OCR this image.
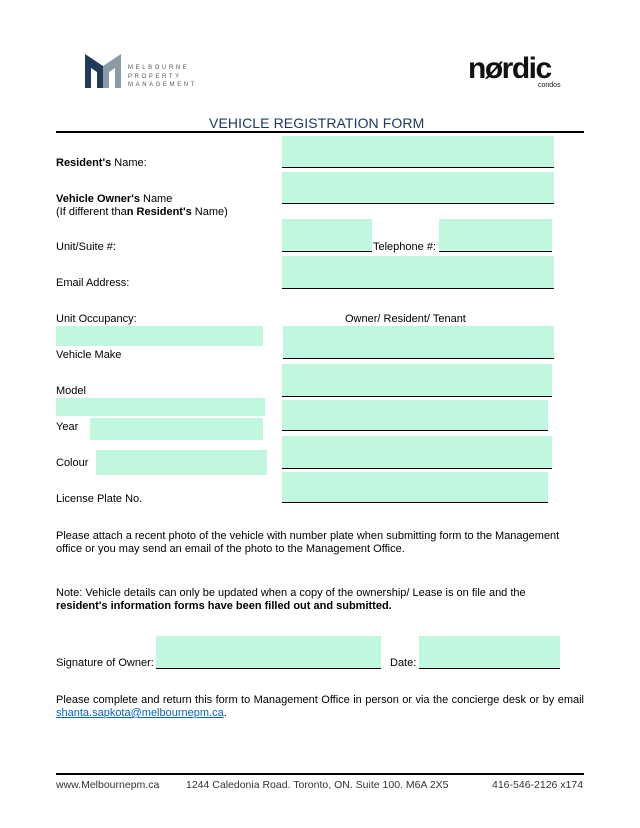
MELBOURNE
PROPERTY
MANAGEMENT	nørdic
condos
VEHICLE REGISTRATION FORM
Resident's Name:
Vehicle Owner's Name
(If different than Resident's Name)
Unit/Suite #:	Telephone #:
Email Address:
Unit Occupancy:	Owner/ Resident/ Tenant
Vehicle Make
Model
Year
Colour
License Plate No.
Please attach a recent photo of the vehicle with number plate when submitting form to the Management office or you may send an email of the photo to the Management Office.
Note: Vehicle details can only be updated when a copy of the ownership/ Lease is on file and the
resident's information forms have been filled out and submitted.
Signature of Owner:	Date:
Please complete and return this form to Management Office in person or via the concierge desk or by email shanta.sapkota@melbournepm.ca.
www.Melbournepm.ca	1244 Caledonia Road. Toronto, ON. Suite 100. M6A 2X5	416-546-2126 x174
